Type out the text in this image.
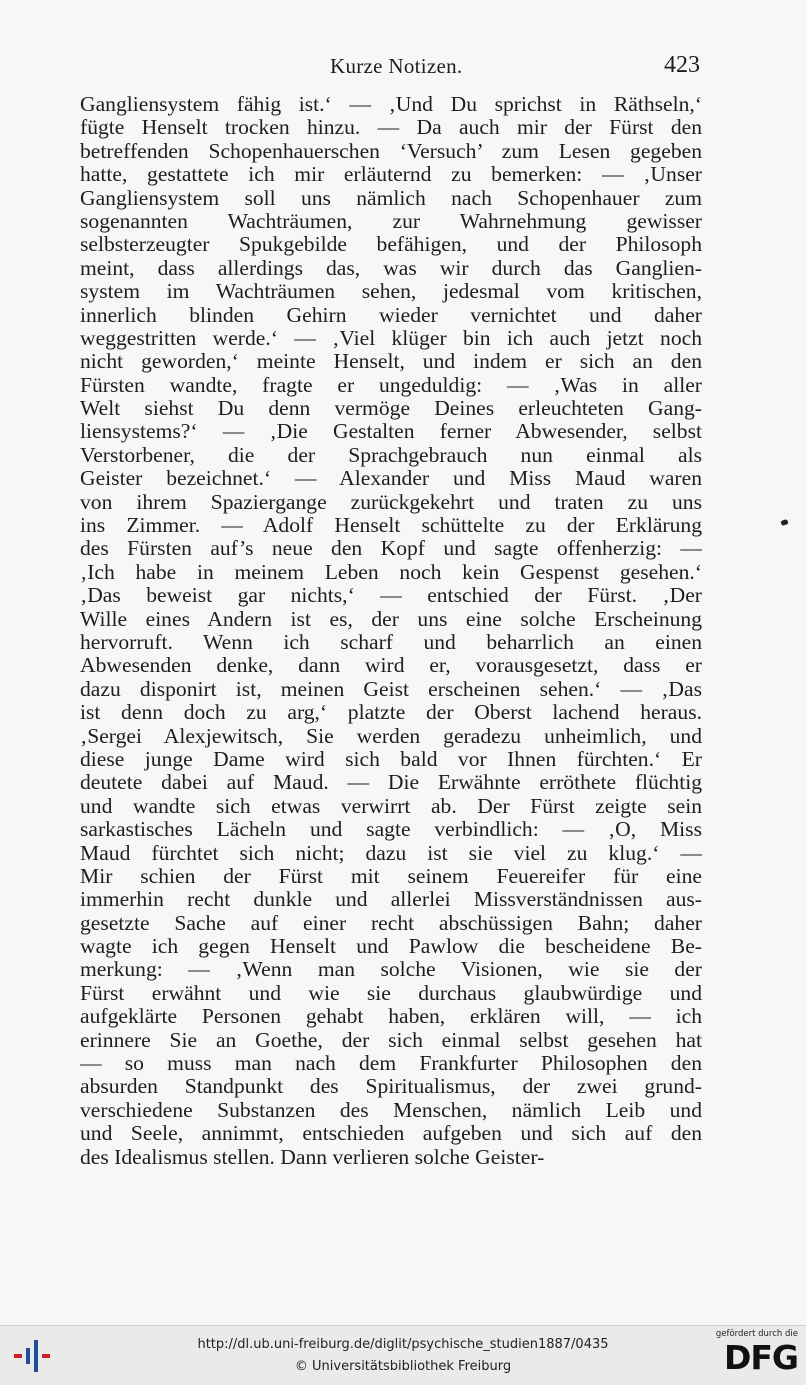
Kurze Notizen.	423
Gangliensystem fähig ist.‘ — ‚Und Du sprichst in Räthseln,‘
fügte Henselt trocken hinzu. — Da auch mir der Fürst den
betreffenden Schopenhauerschen ‘Versuch’ zum Lesen gegeben
hatte, gestattete ich mir erläuternd zu bemerken: — ‚Unser
Gangliensystem soll uns nämlich nach Schopenhauer zum
sogenannten Wachträumen, zur Wahrnehmung gewisser
selbsterzeugter Spukgebilde befähigen, und der Philosoph
meint, dass allerdings das, was wir durch das Ganglien-
system im Wachträumen sehen, jedesmal vom kritischen,
innerlich blinden Gehirn wieder vernichtet und daher
weggestritten werde.‘ — ‚Viel klüger bin ich auch jetzt noch
nicht geworden,‘ meinte Henselt, und indem er sich an den
Fürsten wandte, fragte er ungeduldig: — ‚Was in aller
Welt siehst Du denn vermöge Deines erleuchteten Gang-
liensystems?‘ — ‚Die Gestalten ferner Abwesender, selbst
Verstorbener, die der Sprachgebrauch nun einmal als
Geister bezeichnet.‘ — Alexander und Miss Maud waren
von ihrem Spaziergange zurückgekehrt und traten zu uns
ins Zimmer. — Adolf Henselt schüttelte zu der Erklärung
des Fürsten auf’s neue den Kopf und sagte offenherzig: —
‚Ich habe in meinem Leben noch kein Gespenst gesehen.‘
‚Das beweist gar nichts,‘ — entschied der Fürst. ‚Der
Wille eines Andern ist es, der uns eine solche Erscheinung
hervorruft. Wenn ich scharf und beharrlich an einen
Abwesenden denke, dann wird er, vorausgesetzt, dass er
dazu disponirt ist, meinen Geist erscheinen sehen.‘ — ‚Das
ist denn doch zu arg,‘ platzte der Oberst lachend heraus.
‚Sergei Alexjewitsch, Sie werden geradezu unheimlich, und
diese junge Dame wird sich bald vor Ihnen fürchten.‘ Er
deutete dabei auf Maud. — Die Erwähnte erröthete flüchtig
und wandte sich etwas verwirrt ab. Der Fürst zeigte sein
sarkastisches Lächeln und sagte verbindlich: — ‚O, Miss
Maud fürchtet sich nicht; dazu ist sie viel zu klug.‘ —
Mir schien der Fürst mit seinem Feuereifer für eine
immerhin recht dunkle und allerlei Missverständnissen aus-
gesetzte Sache auf einer recht abschüssigen Bahn; daher
wagte ich gegen Henselt und Pawlow die bescheidene Be-
merkung: — ‚Wenn man solche Visionen, wie sie der
Fürst erwähnt und wie sie durchaus glaubwürdige und
aufgeklärte Personen gehabt haben, erklären will, — ich
erinnere Sie an Goethe, der sich einmal selbst gesehen hat
— so muss man nach dem Frankfurter Philosophen den
absurden Standpunkt des Spiritualismus, der zwei grund-
verschiedene Substanzen des Menschen, nämlich Leib und
und Seele, annimmt, entschieden aufgeben und sich auf den
des Idealismus stellen. Dann verlieren solche Geister-
http://dl.ub.uni-freiburg.de/diglit/psychische_studien1887/0435
© Universitätsbibliothek Freiburg
gefördert durch die
DFG
